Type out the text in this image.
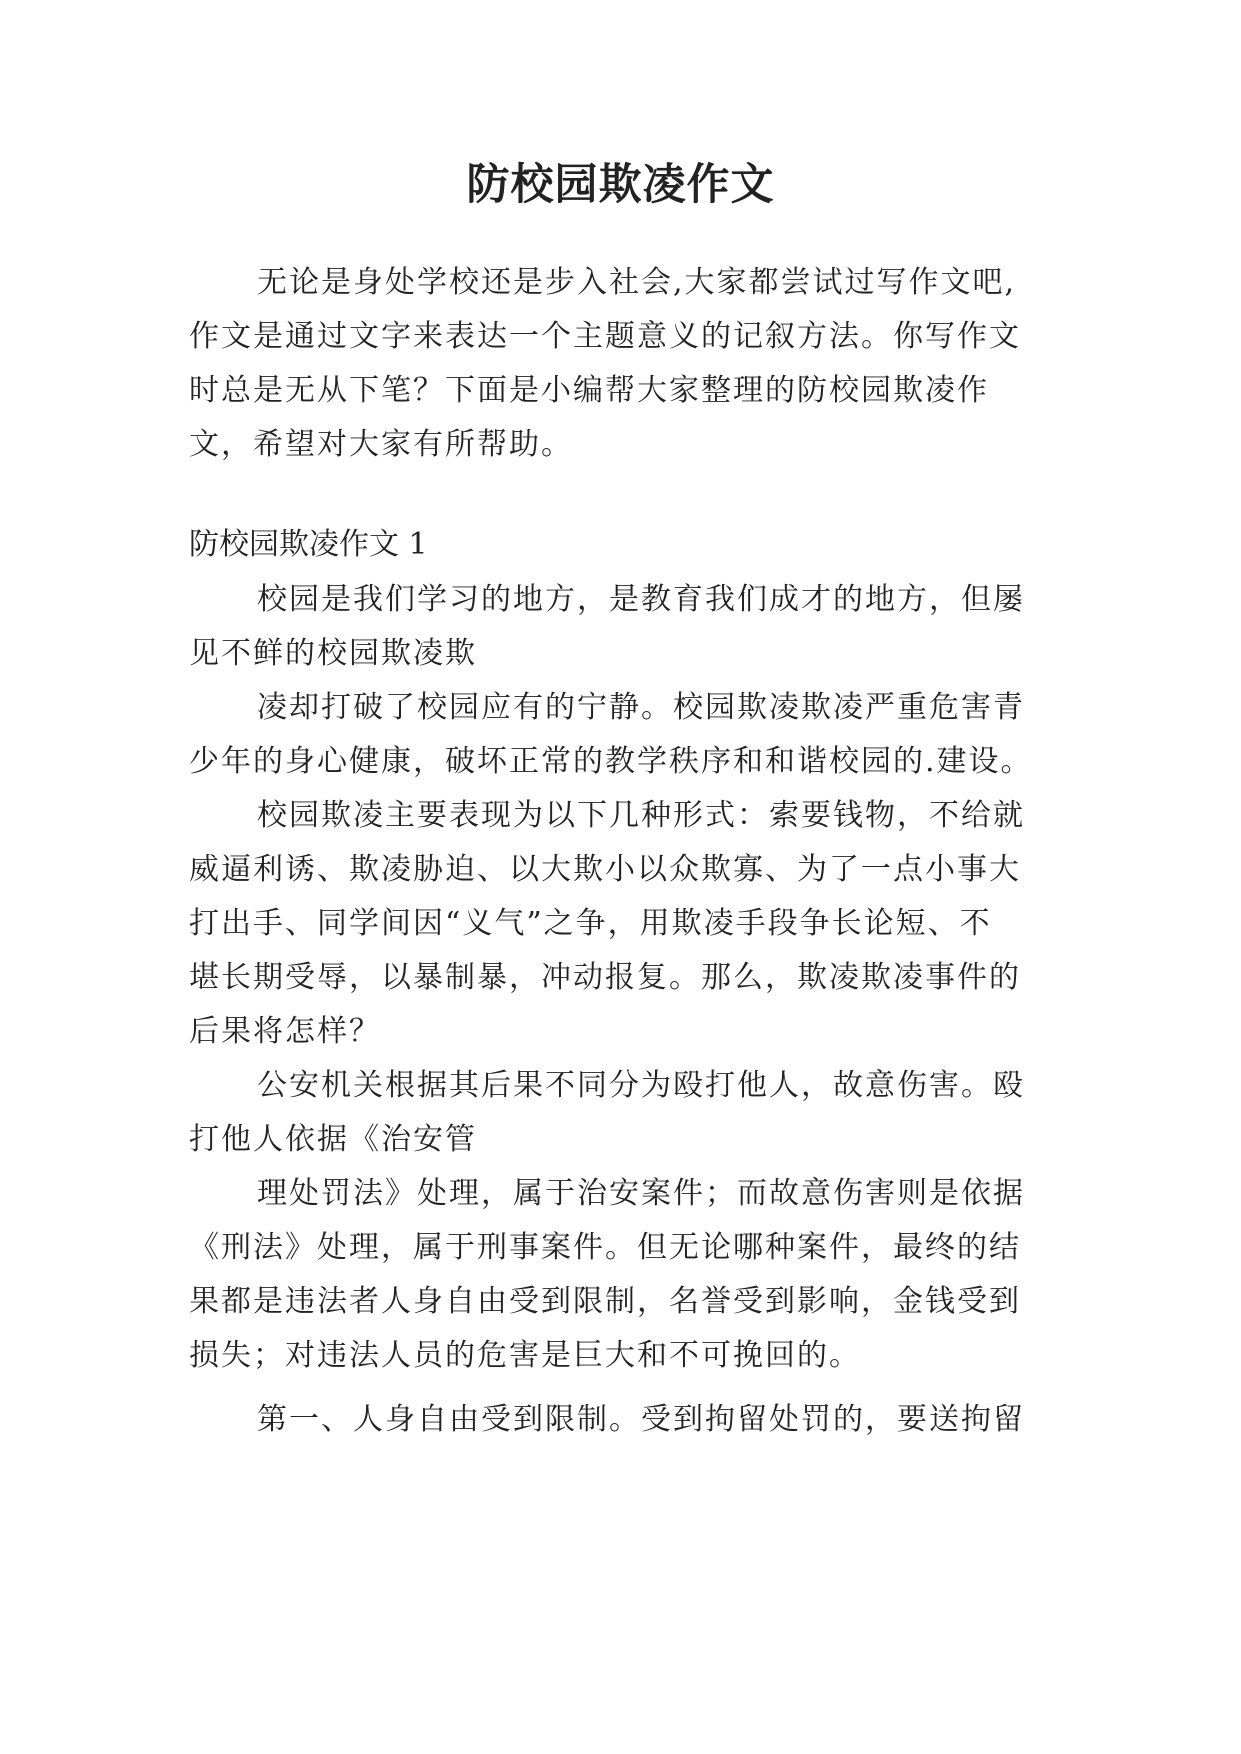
防校园欺凌作文
无论是身处学校还是步入社会,大家都尝试过写作文吧,
作文是通过文字来表达一个主题意义的记叙方法。你写作文
时总是无从下笔？下面是小编帮大家整理的防校园欺凌作
文，希望对大家有所帮助。
防校园欺凌作文 1
校园是我们学习的地方，是教育我们成才的地方，但屡
见不鲜的校园欺凌欺
凌却打破了校园应有的宁静。校园欺凌欺凌严重危害青
少年的身心健康，破坏正常的教学秩序和和谐校园的.建设。
校园欺凌主要表现为以下几种形式：索要钱物，不给就
威逼利诱、欺凌胁迫、以大欺小以众欺寡、为了一点小事大
打出手、同学间因“义气”之争，用欺凌手段争长论短、不
堪长期受辱，以暴制暴，冲动报复。那么，欺凌欺凌事件的
后果将怎样？
公安机关根据其后果不同分为殴打他人，故意伤害。殴
打他人依据《治安管
理处罚法》处理，属于治安案件；而故意伤害则是依据
《刑法》处理，属于刑事案件。但无论哪种案件，最终的结
果都是违法者人身自由受到限制，名誉受到影响，金钱受到
损失；对违法人员的危害是巨大和不可挽回的。
第一、人身自由受到限制。受到拘留处罚的，要送拘留
